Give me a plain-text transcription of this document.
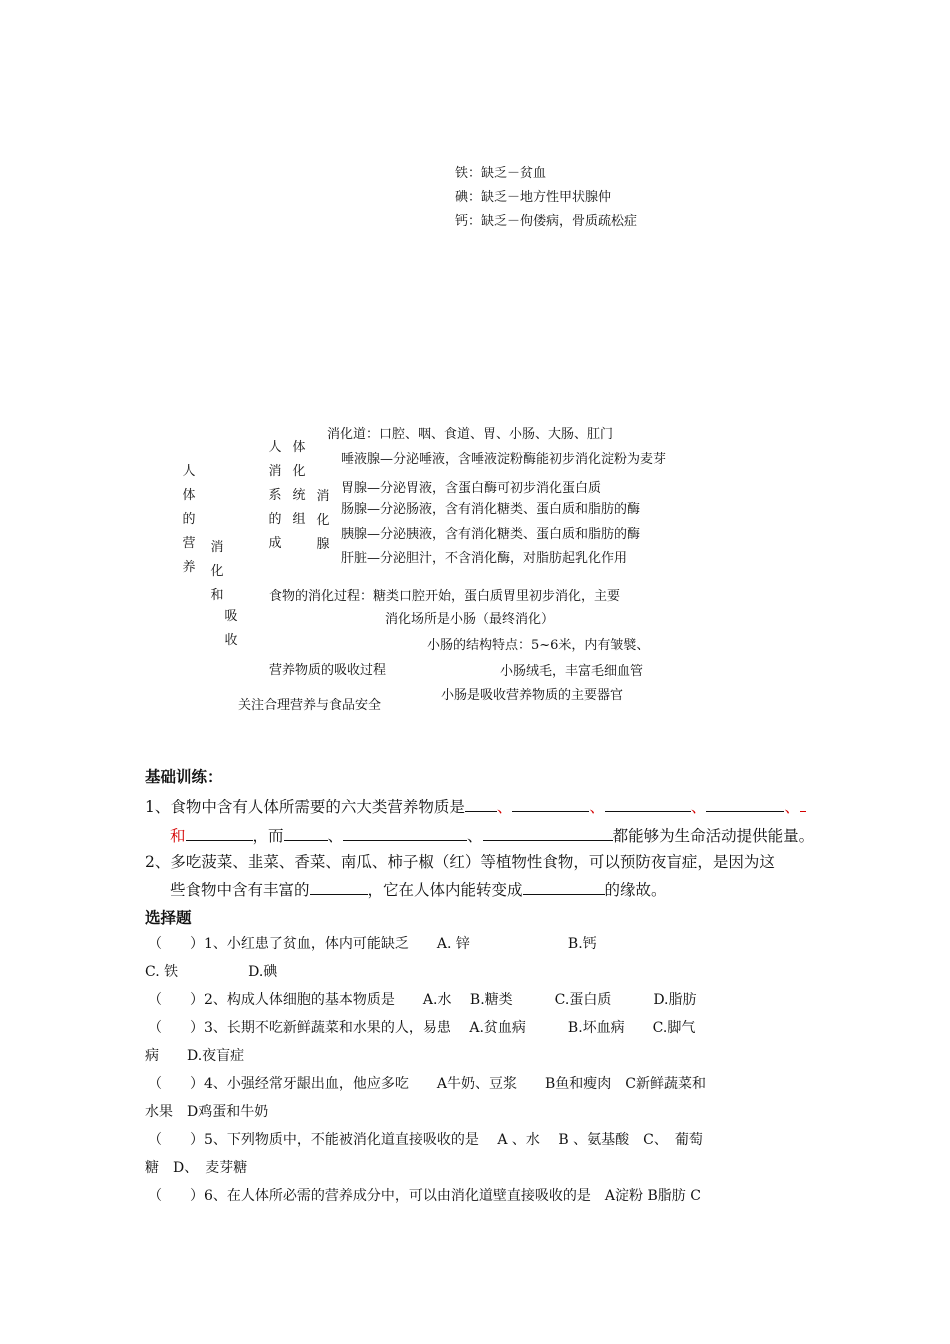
铁：缺乏－贫血
碘：缺乏－地方性甲状腺仲
钙：缺乏－佝偻病，骨质疏松症
人体的营养
消化和
吸收
人消系的成
体化统组
消化腺
消化道：口腔、咽、食道、胃、小肠、大肠、肛门
唾液腺—分泌唾液，含唾液淀粉酶能初步消化淀粉为麦芽
胃腺—分泌胃液，含蛋白酶可初步消化蛋白质
肠腺—分泌肠液，含有消化糖类、蛋白质和脂肪的酶
胰腺—分泌胰液，含有消化糖类、蛋白质和脂肪的酶
肝脏—分泌胆汁，不含消化酶，对脂肪起乳化作用
食物的消化过程：糖类口腔开始，蛋白质胃里初步消化，主要
消化场所是小肠（最终消化）
小肠的结构特点：5~6米，内有皱襞、
营养物质的吸收过程	小肠绒毛，丰富毛细血管
小肠是吸收营养物质的主要器官
关注合理营养与食品安全
基础训练：
1、食物中含有人体所需要的六大类营养物质是 、	、	、	、
和	，而	、	、	都能够为生命活动提供能量。
2、多吃菠菜、韭菜、香菜、南瓜、柿子椒（红）等植物性食物，可以预防夜盲症，是因为这
些食物中含有丰富的	，它在人体内能转变成	的缘故。
选择题
（　　）1、小红患了贫血，体内可能缺乏　　A. 锌　　　　　　　B.钙
C. 铁　　　　　D.碘
（　　）2、构成人体细胞的基本物质是　　A.水　 B.糖类　　　C.蛋白质　　　D.脂肪
（　　）3、长期不吃新鲜蔬菜和水果的人，易患　 A.贫血病　　　B.坏血病　　C.脚气
病　　D.夜盲症
（　　）4、小强经常牙龈出血，他应多吃　　A牛奶、豆浆　　B鱼和瘦肉　C新鲜蔬菜和
水果　D鸡蛋和牛奶
（　　）5、下列物质中，不能被消化道直接吸收的是　 A 、水　 B 、氨基酸　C、　葡萄
糖　D、　麦芽糖
（　　）6、在人体所必需的营养成分中，可以由消化道壁直接吸收的是　A淀粉 B脂肪 C
